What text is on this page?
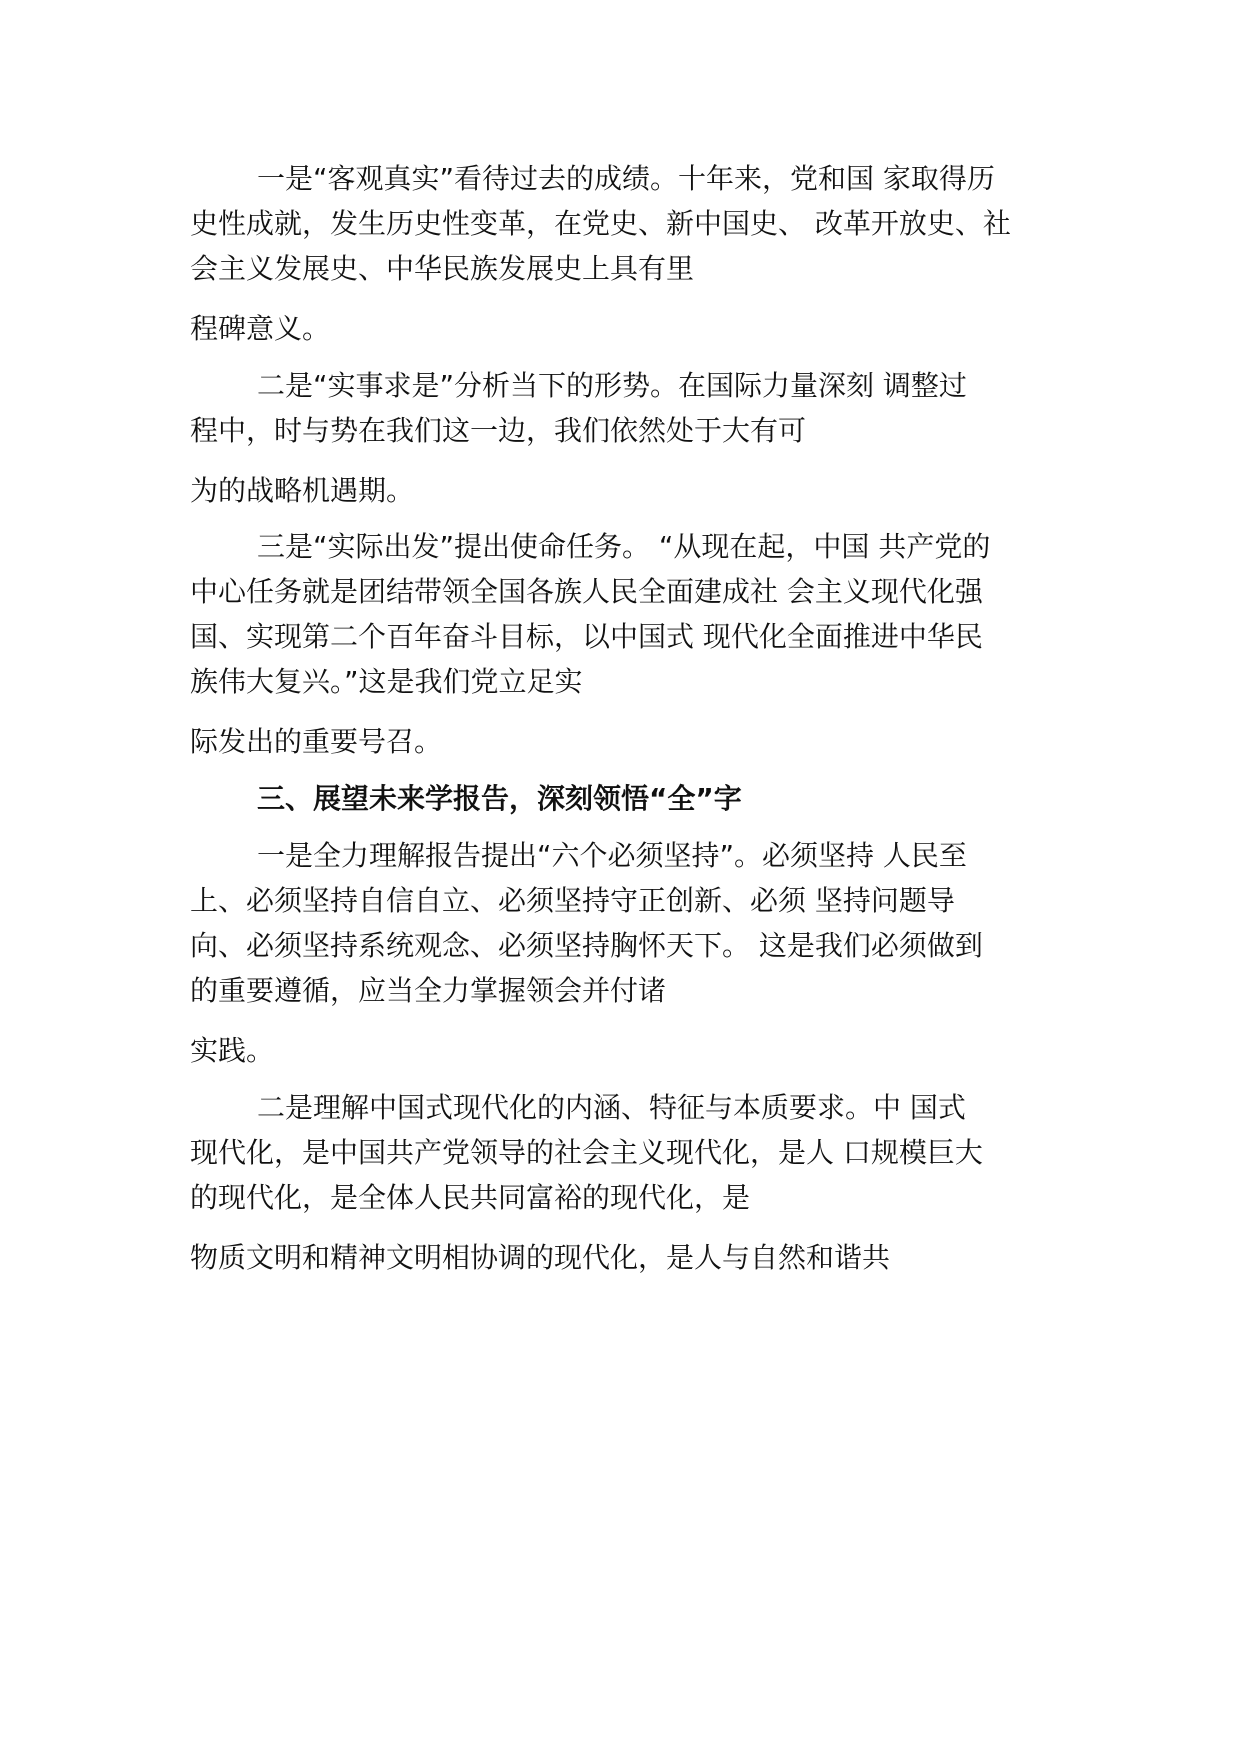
一是“客观真实”看待过去的成绩。十年来，党和国 家取得历
史性成就，发生历史性变革，在党史、新中国史、 改革开放史、社
会主义发展史、中华民族发展史上具有里
程碑意义。
二是“实事求是”分析当下的形势。在国际力量深刻 调整过
程中，时与势在我们这一边，我们依然处于大有可
为的战略机遇期。
三是“实际出发”提出使命任务。 “从现在起，中国 共产党的
中心任务就是团结带领全国各族人民全面建成社 会主义现代化强
国、实现第二个百年奋斗目标，以中国式 现代化全面推进中华民
族伟大复兴。”这是我们党立足实
际发出的重要号召。
三、展望未来学报告，深刻领悟“全”字
一是全力理解报告提出“六个必须坚持”。必须坚持 人民至
上、必须坚持自信自立、必须坚持守正创新、必须 坚持问题导
向、必须坚持系统观念、必须坚持胸怀天下。 这是我们必须做到
的重要遵循，应当全力掌握领会并付诸
实践。
二是理解中国式现代化的内涵、特征与本质要求。中 国式
现代化，是中国共产党领导的社会主义现代化，是人 口规模巨大
的现代化，是全体人民共同富裕的现代化，是
物质文明和精神文明相协调的现代化，是人与自然和谐共
